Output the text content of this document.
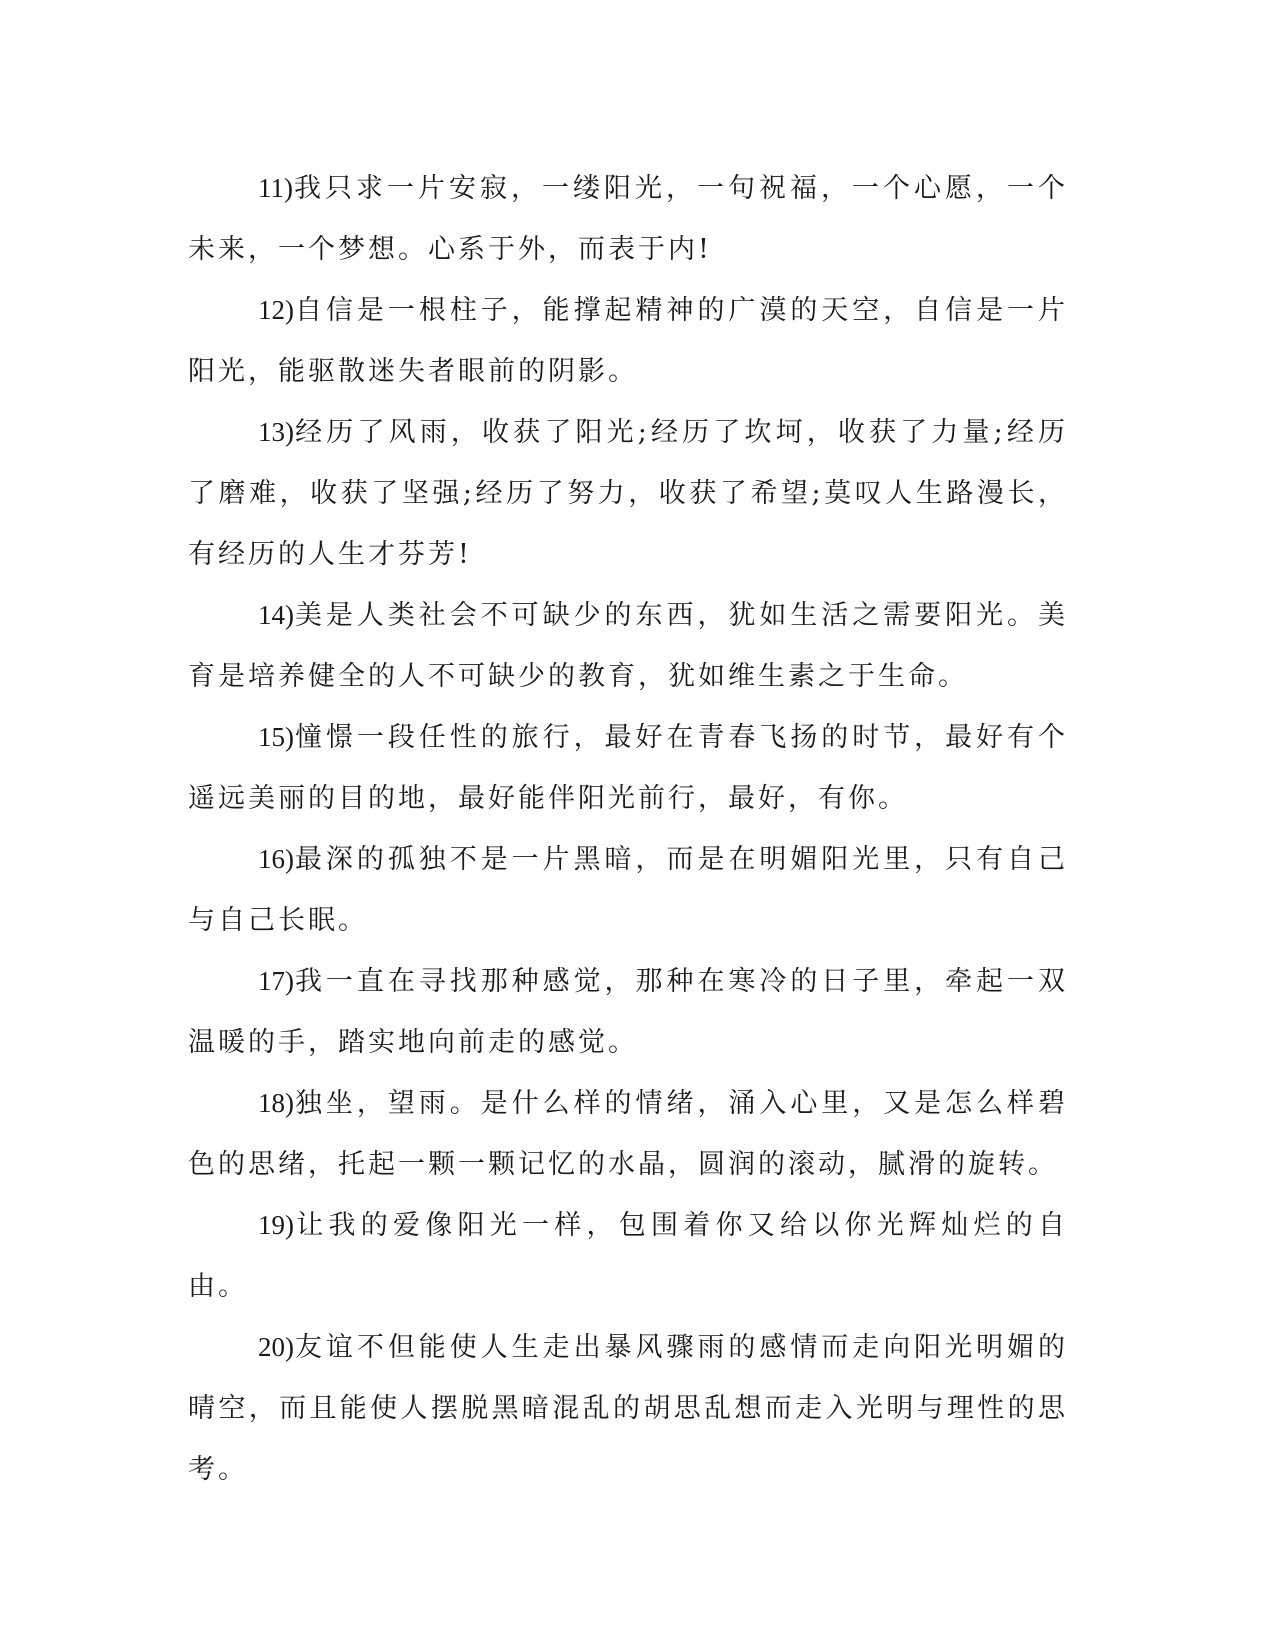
11)我只求一片安寂，一缕阳光，一句祝福，一个心愿，一个未来，一个梦想。心系于外，而表于内!

12)自信是一根柱子，能撑起精神的广漠的天空，自信是一片阳光，能驱散迷失者眼前的阴影。

13)经历了风雨，收获了阳光;经历了坎坷，收获了力量;经历了磨难，收获了坚强;经历了努力，收获了希望;莫叹人生路漫长，有经历的人生才芬芳!

14)美是人类社会不可缺少的东西，犹如生活之需要阳光。美育是培养健全的人不可缺少的教育，犹如维生素之于生命。

15)憧憬一段任性的旅行，最好在青春飞扬的时节，最好有个遥远美丽的目的地，最好能伴阳光前行，最好，有你。

16)最深的孤独不是一片黑暗，而是在明媚阳光里，只有自己与自己长眠。

17)我一直在寻找那种感觉，那种在寒冷的日子里，牵起一双温暖的手，踏实地向前走的感觉。

18)独坐，望雨。是什么样的情绪，涌入心里，又是怎么样碧色的思绪，托起一颗一颗记忆的水晶，圆润的滚动，腻滑的旋转。

19)让我的爱像阳光一样，包围着你又给以你光辉灿烂的自由。

20)友谊不但能使人生走出暴风骤雨的感情而走向阳光明媚的晴空，而且能使人摆脱黑暗混乱的胡思乱想而走入光明与理性的思考。
